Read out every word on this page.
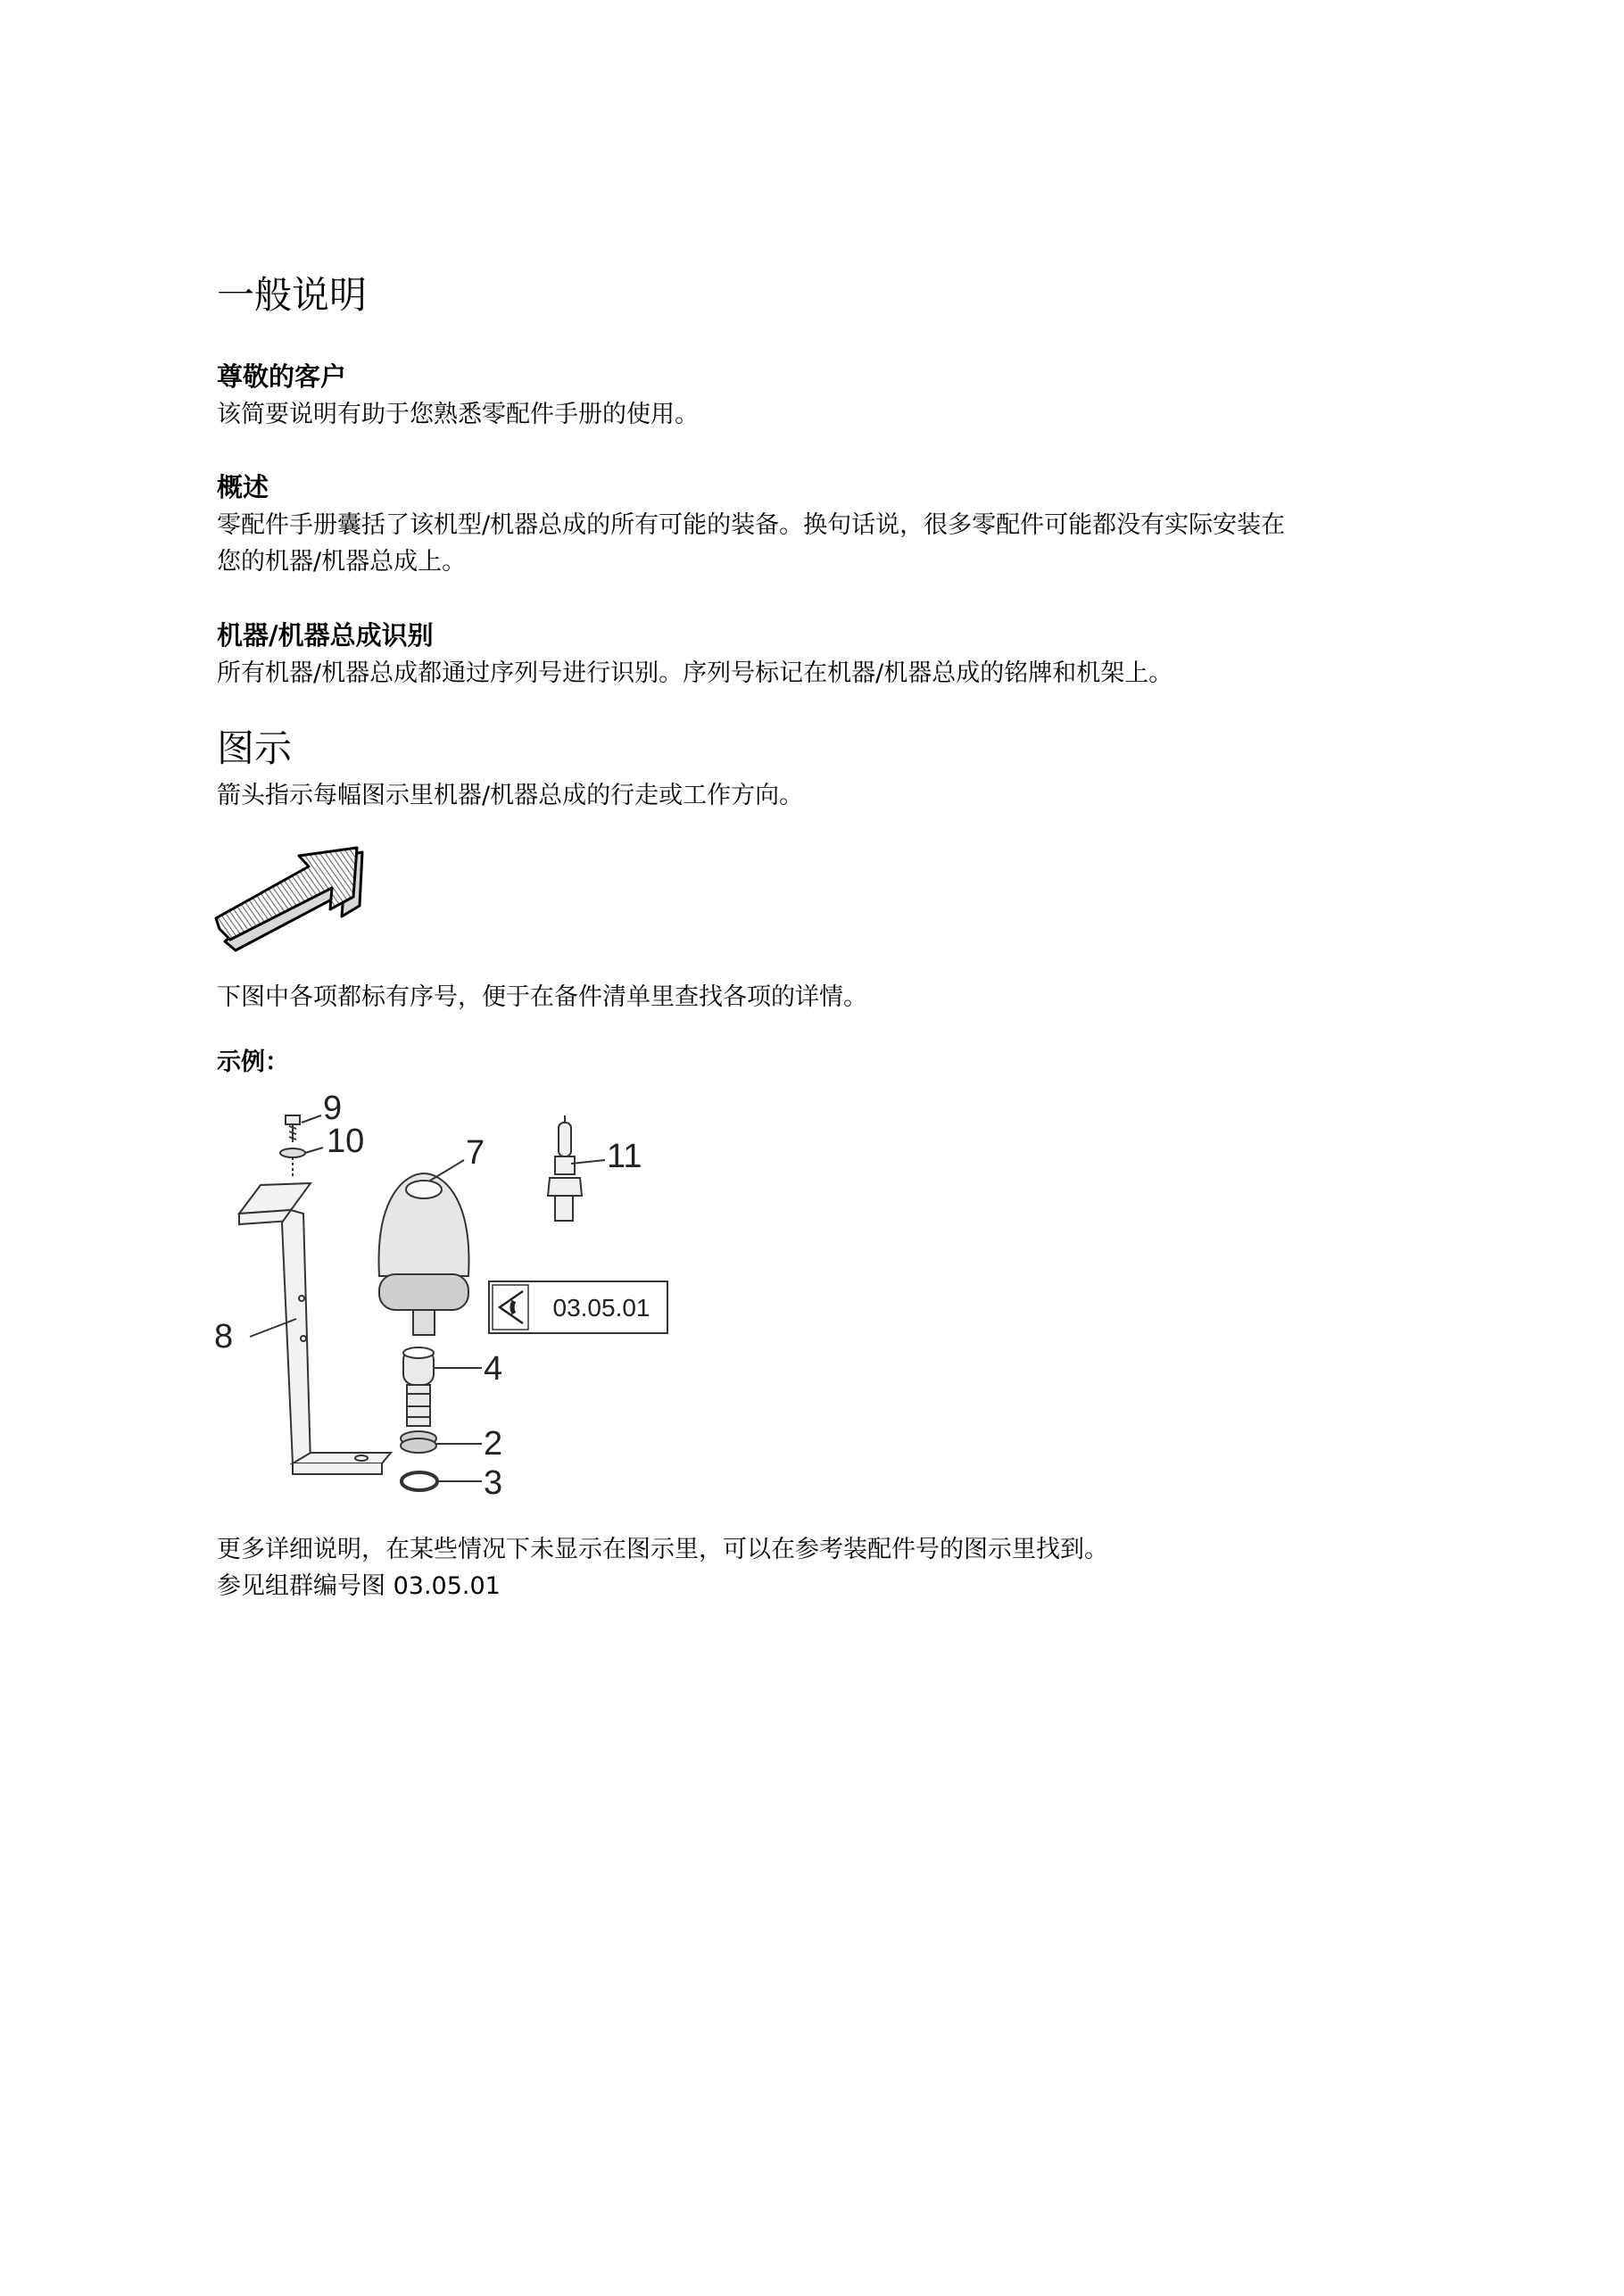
一般说明
尊敬的客户
该简要说明有助于您熟悉零配件手册的使用。
概述
零配件手册囊括了该机型/机器总成的所有可能的装备。换句话说，很多零配件可能都没有实际安装在
您的机器/机器总成上。
机器/机器总成识别
所有机器/机器总成都通过序列号进行识别。序列号标记在机器/机器总成的铭牌和机架上。
图示
箭头指示每幅图示里机器/机器总成的行走或工作方向。
下图中各项都标有序号，便于在备件清单里查找各项的详情。
示例：
03.05.01
9
10	7	11
8
4
2
3
更多详细说明，在某些情况下未显示在图示里，可以在参考装配件号的图示里找到。
参见组群编号图 03.05.01
